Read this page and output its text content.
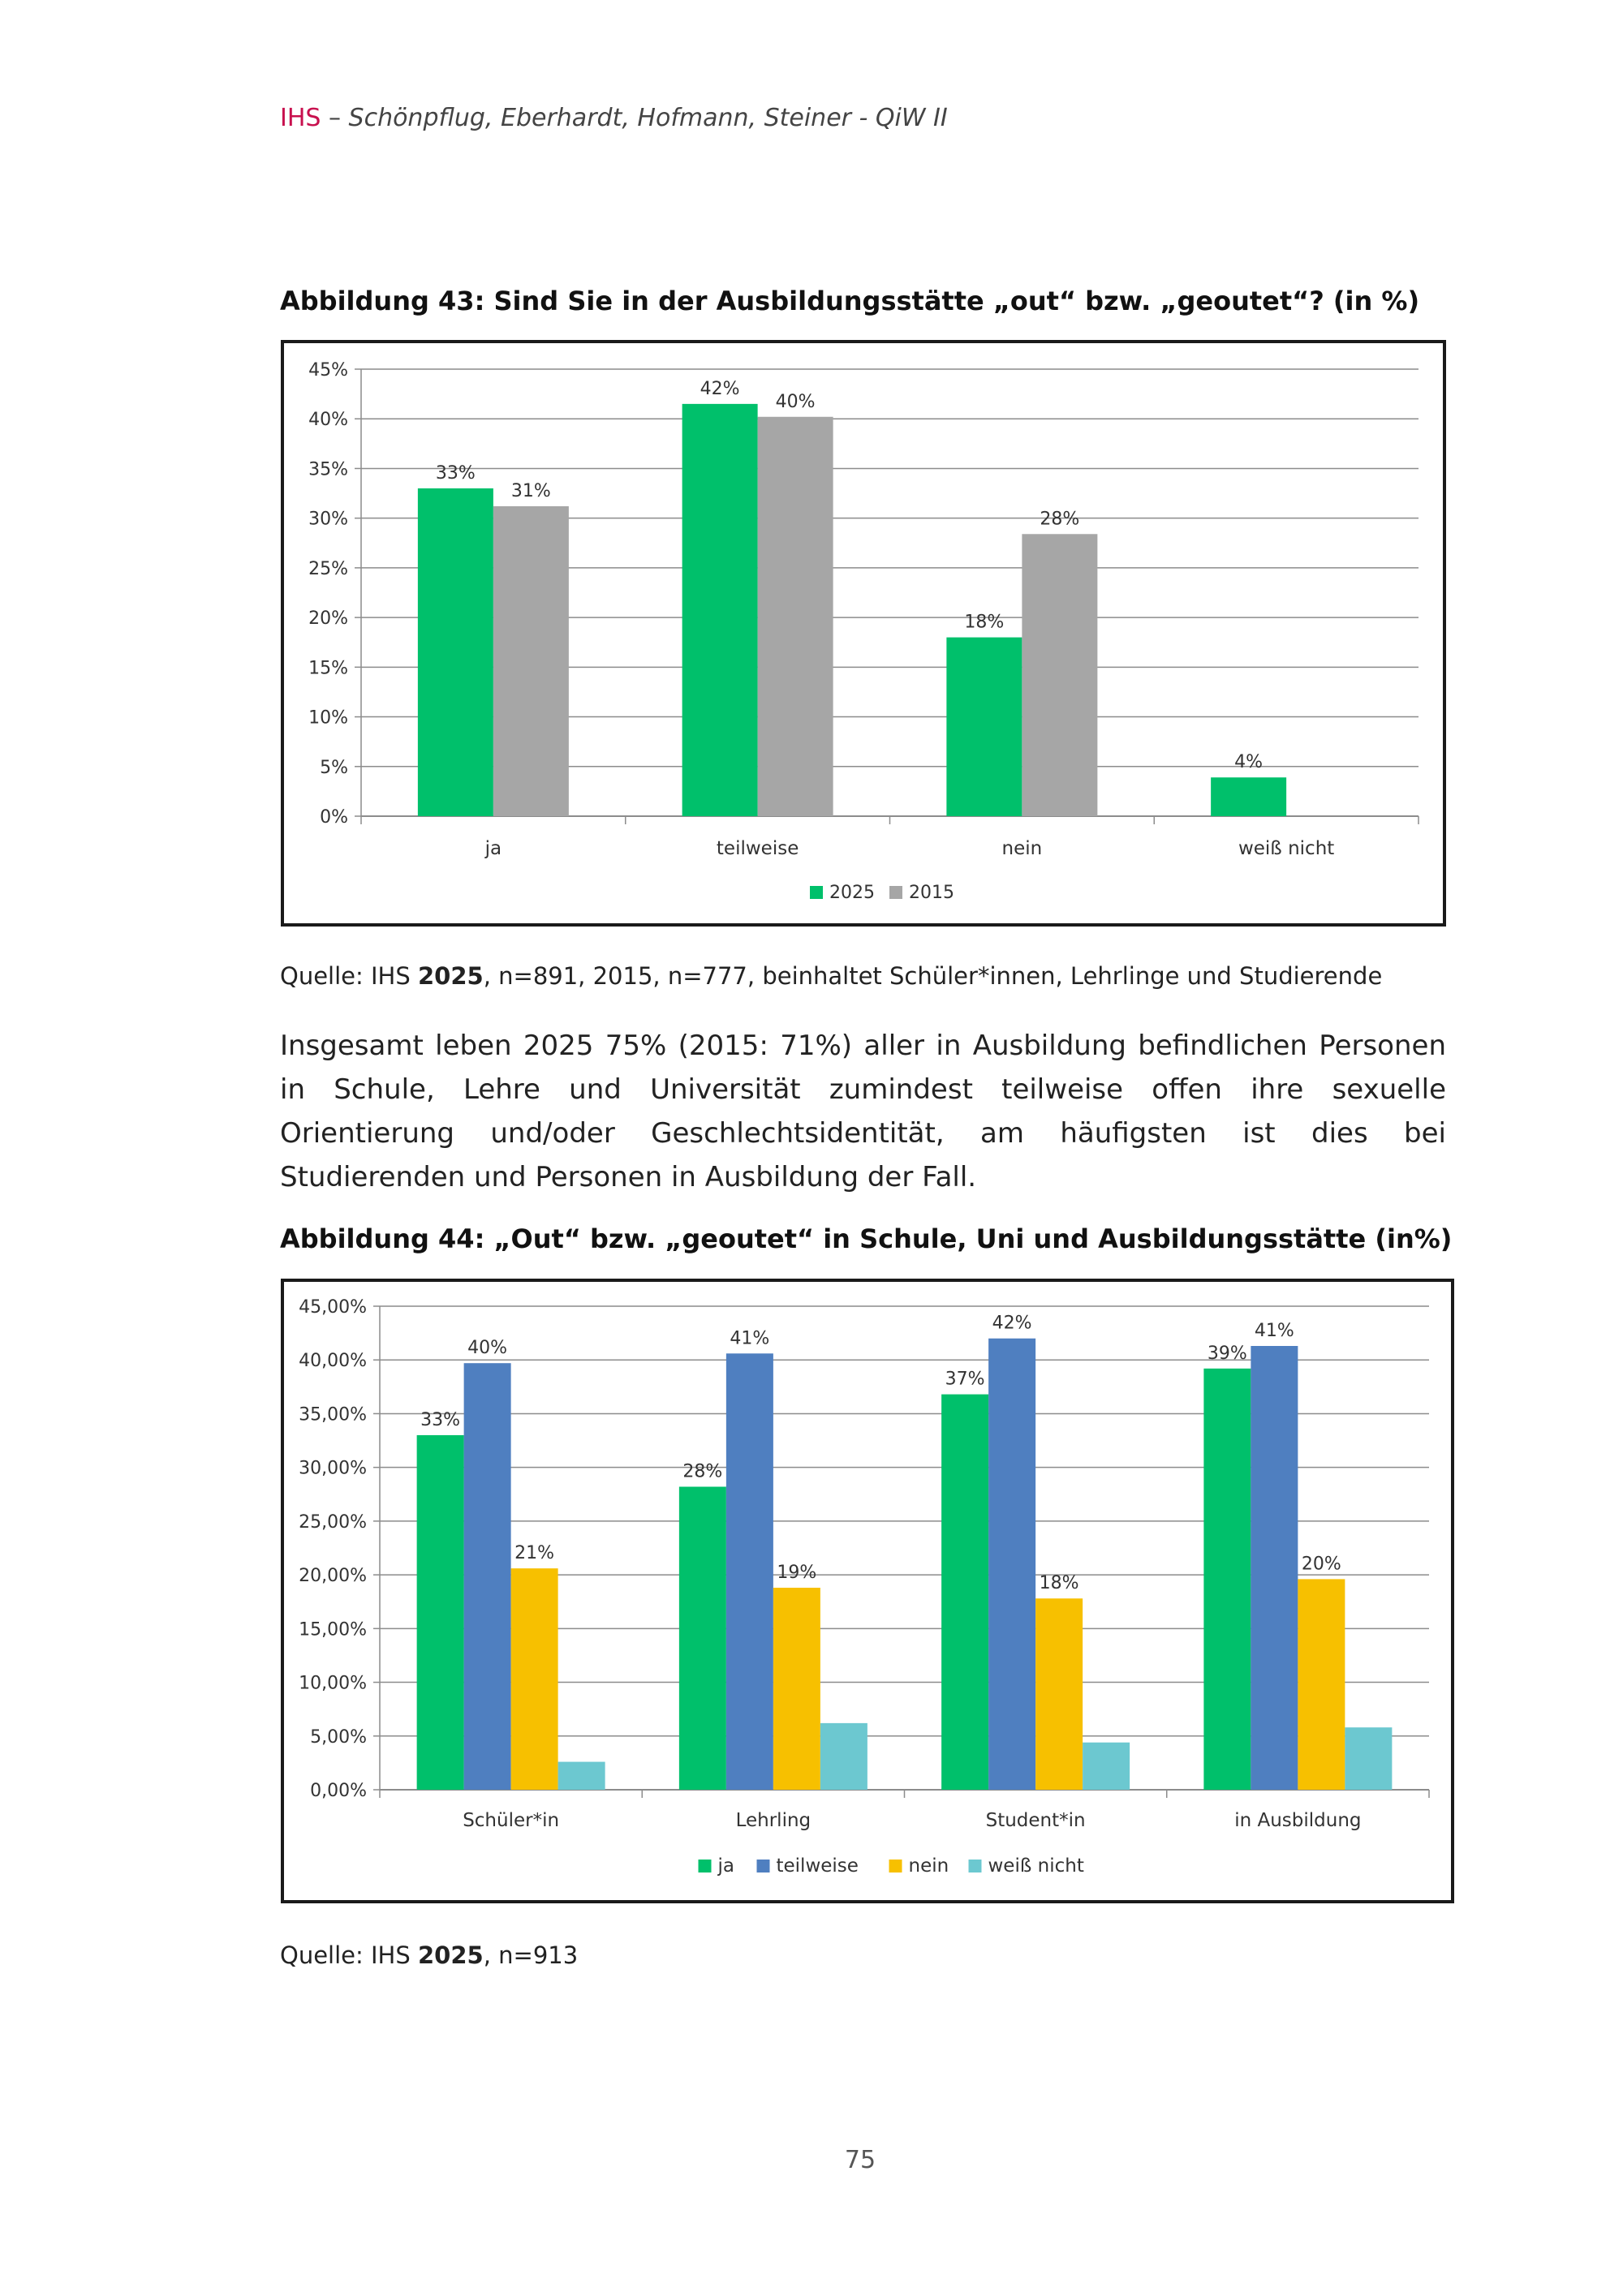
IHS – Schönpflug, Eberhardt, Hofmann, Steiner - QiW II
Abbildung 43: Sind Sie in der Ausbildungsstätte „out“ bzw. „geoutet“? (in %)
0%
5%
10%
15%
20%
25%
30%
35%
40%
45%
33%
31%
ja
42%
40%
teilweise
18%
28%
nein
4%
weiß nicht
2025 2015
Quelle: IHS 2025, n=891, 2015, n=777, beinhaltet Schüler*innen, Lehrlinge und Studierende
Insgesamt leben 2025 75% (2015: 71%) aller in Ausbildung befindlichen Personen in Schule, Lehre und Universität zumindest teilweise offen ihre sexuelle Orientierung und/oder Geschlechtsidentität, am häufigsten ist dies bei Studierenden und Personen in Ausbildung der Fall.
Abbildung 44: „Out“ bzw. „geoutet“ in Schule, Uni und Ausbildungsstätte (in%)
0,00%
5,00%
10,00%
15,00%
20,00%
25,00%
30,00%
35,00%
40,00%
45,00%
33%
40%
21%
Schüler*in
28%
41%
19%
Lehrling
37%
42%
18%
Student*in
39%
41%
20%
in Ausbildung
ja teilweise	nein weiß nicht
Quelle: IHS 2025, n=913
75
